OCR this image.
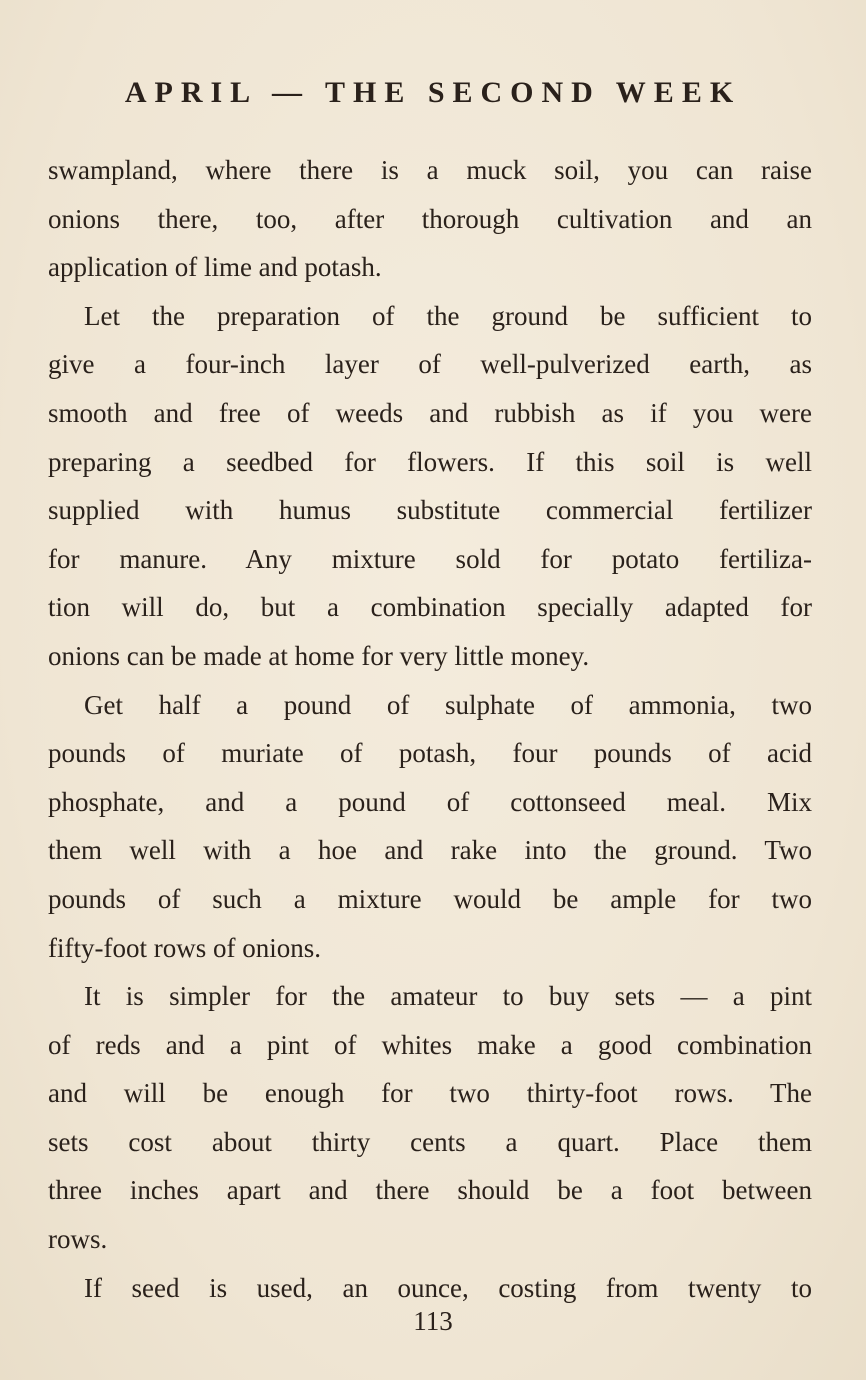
APRIL — THE SECOND WEEK
swampland, where there is a muck soil, you can raise
onions there, too, after thorough cultivation and an
application of lime and potash.
Let the preparation of the ground be sufficient to
give a four-inch layer of well-pulverized earth, as
smooth and free of weeds and rubbish as if you were
preparing a seedbed for flowers. If this soil is well
supplied with humus substitute commercial fertilizer
for manure. Any mixture sold for potato fertiliza-
tion will do, but a combination specially adapted for
onions can be made at home for very little money.
Get half a pound of sulphate of ammonia, two
pounds of muriate of potash, four pounds of acid
phosphate, and a pound of cottonseed meal. Mix
them well with a hoe and rake into the ground. Two
pounds of such a mixture would be ample for two
fifty-foot rows of onions.
It is simpler for the amateur to buy sets — a pint
of reds and a pint of whites make a good combination
and will be enough for two thirty-foot rows. The
sets cost about thirty cents a quart. Place them
three inches apart and there should be a foot between
rows.
If seed is used, an ounce, costing from twenty to

113
